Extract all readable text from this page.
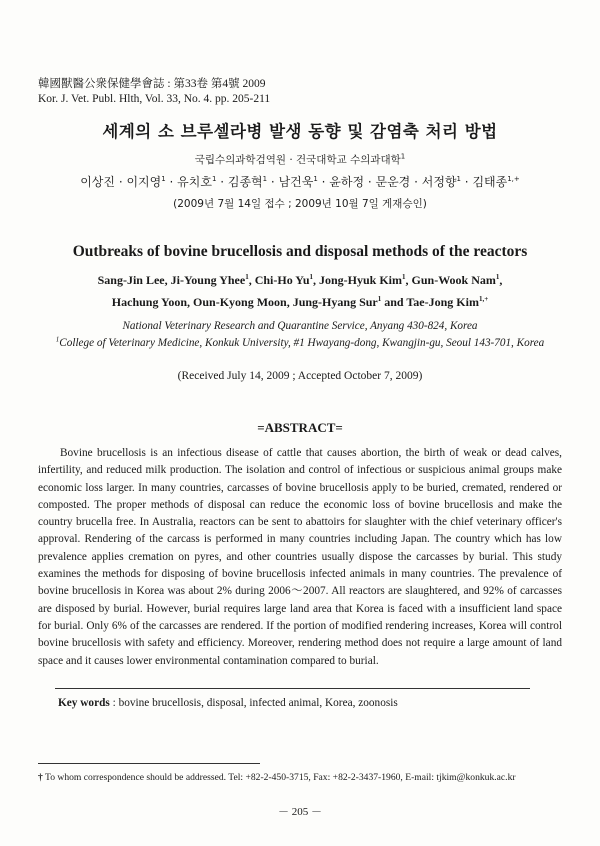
韓國獸醫公衆保健學會誌 : 第33卷 第4號 2009
Kor. J. Vet. Publ. Hlth, Vol. 33, No. 4. pp. 205-211
세계의 소 브루셀라병 발생 동향 및 감염축 처리 방법
국립수의과학검역원 · 건국대학교 수의과대학$^1$
이상진 · 이지영$^1$ · 유치호$^1$ · 김종혁$^1$ · 남건욱$^1$ · 윤하정 · 문운경 · 서정향$^1$ · 김태종$^{1,+}$
(2009년 7월 14일 접수 ; 2009년 10월 7일 게재승인)
Outbreaks of bovine brucellosis and disposal methods of the reactors
Sang-Jin Lee, Ji-Young Yhee$^1$, Chi-Ho Yu$^1$, Jong-Hyuk Kim$^1$, Gun-Wook Nam$^1$,
Hachung Yoon, Oun-Kyong Moon, Jung-Hyang Sur$^1$ and Tae-Jong Kim$^{1,+}$
National Veterinary Research and Quarantine Service, Anyang 430-824, Korea
$^1$College of Veterinary Medicine, Konkuk University, #1 Hwayang-dong, Kwangjin-gu, Seoul 143-701, Korea
(Received July 14, 2009 ; Accepted October 7, 2009)
=ABSTRACT=
Bovine brucellosis is an infectious disease of cattle that causes abortion, the birth of weak or dead calves, infertility, and reduced milk production. The isolation and control of infectious or suspicious animal groups make economic loss larger. In many countries, carcasses of bovine brucellosis apply to be buried, cremated, rendered or composted. The proper methods of disposal can reduce the economic loss of bovine brucellosis and make the country brucella free. In Australia, reactors can be sent to abattoirs for slaughter with the chief veterinary officer's approval. Rendering of the carcass is performed in many countries including Japan. The country which has low prevalence applies cremation on pyres, and other countries usually dispose the carcasses by burial. This study examines the methods for disposing of bovine brucellosis infected animals in many countries. The prevalence of bovine brucellosis in Korea was about 2% during 2006～2007. All reactors are slaughtered, and 92% of carcasses are disposed by burial. However, burial requires large land area that Korea is faced with a insufficient land space for burial. Only 6% of the carcasses are rendered. If the portion of modified rendering increases, Korea will control bovine brucellosis with safety and efficiency. Moreover, rendering method does not require a large amount of land space and it causes lower environmental contamination compared to burial.
Key words : bovine brucellosis, disposal, infected animal, Korea, zoonosis
† To whom correspondence should be addressed. Tel: +82-2-450-3715, Fax: +82-2-3437-1960, E-mail: tjkim@konkuk.ac.kr
－ 205 －
